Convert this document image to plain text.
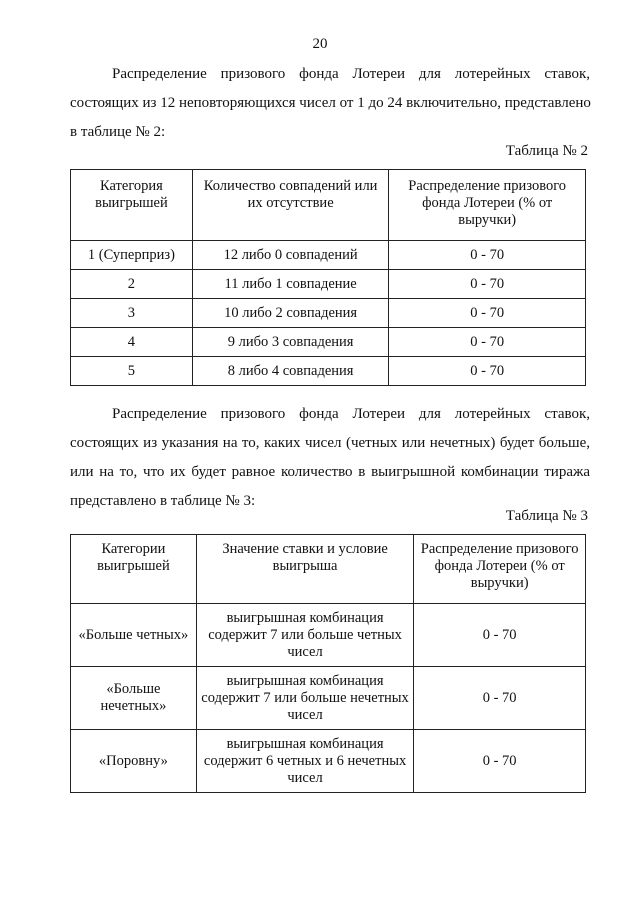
20
Распределение призового фонда Лотереи для лотерейных ставок,
состоящих из 12 неповторяющихся чисел от 1 до 24 включительно, представлено
в таблице № 2:
Таблица № 2
Категория выигрышей	Количество совпадений или их отсутствие	Распределение призового фонда Лотереи (% от выручки)
1 (Суперприз)	12 либо 0 совпадений	0 - 70
2	11 либо 1 совпадение	0 - 70
3	10 либо 2 совпадения	0 - 70
4	9 либо 3 совпадения	0 - 70
5	8 либо 4 совпадения	0 - 70
Распределение призового фонда Лотереи для лотерейных ставок,
состоящих из указания на то, каких чисел (четных или нечетных) будет больше,
или на то, что их будет равное количество в выигрышной комбинации тиража
представлено в таблице № 3:
Таблица № 3
Категории выигрышей	Значение ставки и условие выигрыша	Распределение призового фонда Лотереи (% от выручки)
«Больше четных»	выигрышная комбинация содержит 7 или больше четных чисел	0 - 70
«Больше нечетных»	выигрышная комбинация содержит 7 или больше нечетных чисел	0 - 70
«Поровну»	выигрышная комбинация содержит 6 четных и 6 нечетных чисел	0 - 70
